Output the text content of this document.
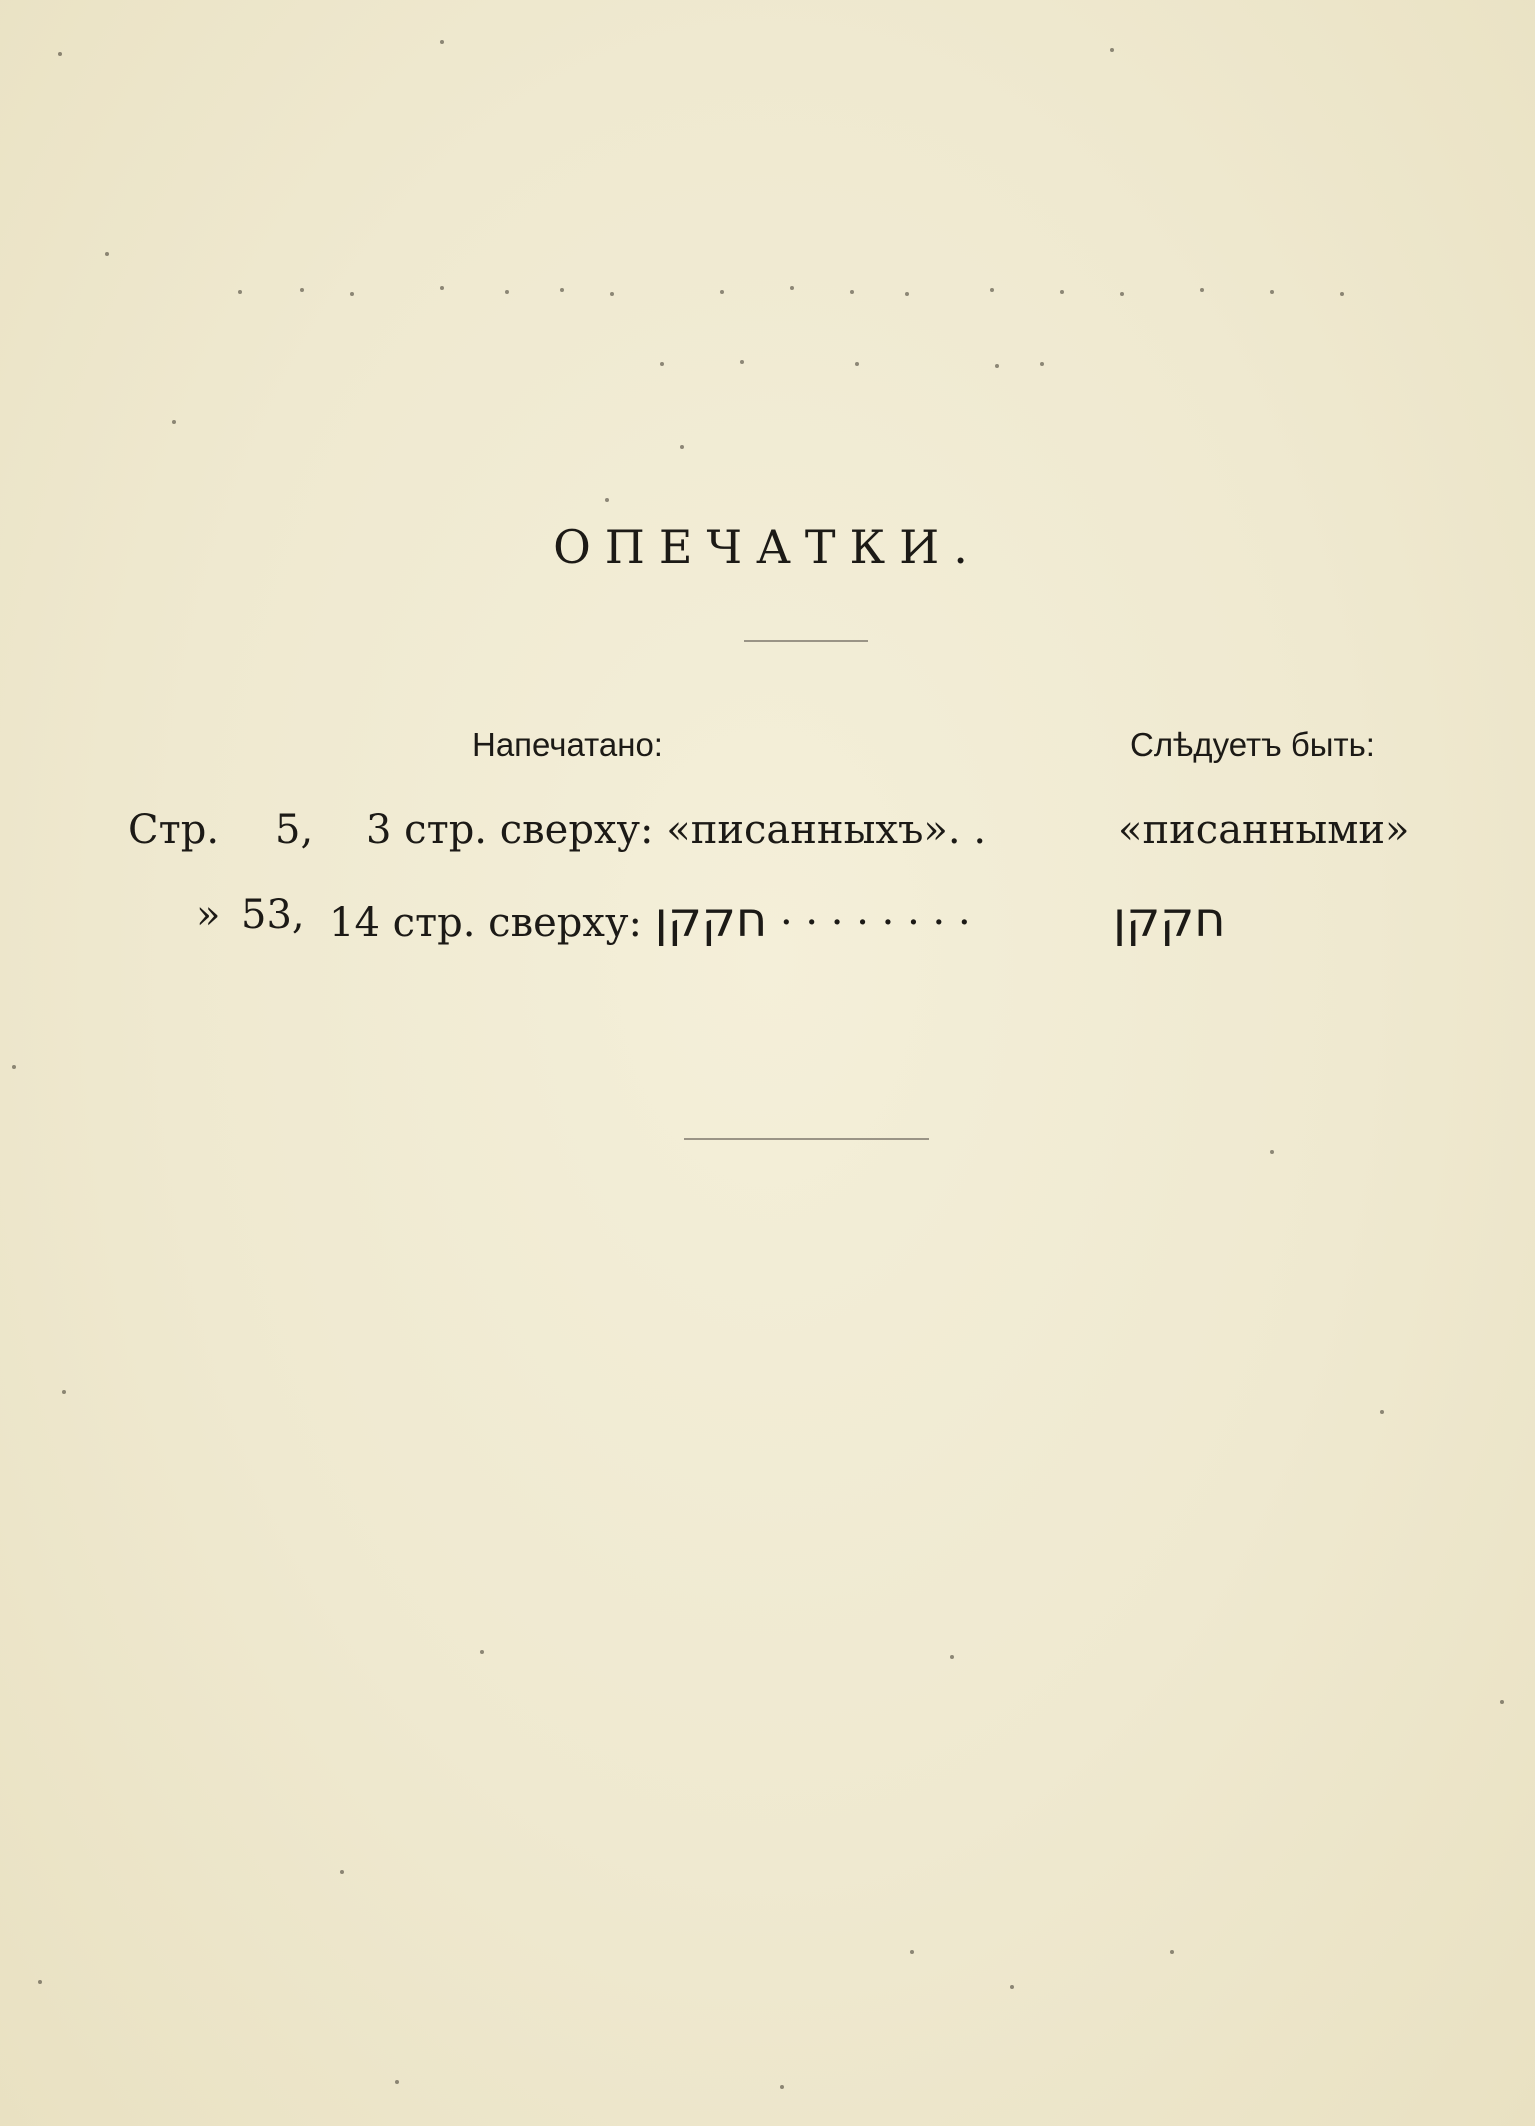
ОПЕЧАТКИ.
Напечатано:	Слѣдуетъ быть:
Стр. 5, 3 стр. сверху: «писанныхъ». .	«писанными»
» 53, 14 стр. сверху: חקקן · · · · · · · ·	חקקן
